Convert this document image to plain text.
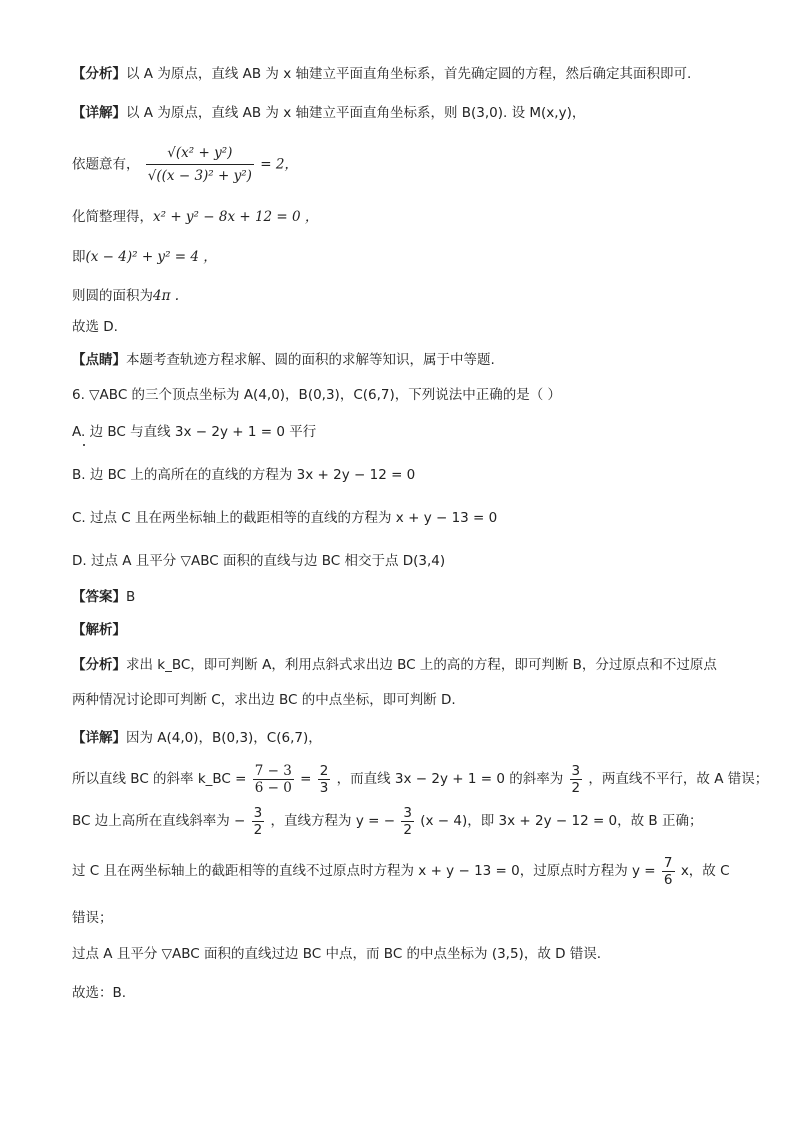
【分析】以 A 为原点，直线 AB 为 x 轴建立平面直角坐标系，首先确定圆的方程，然后确定其面积即可.
【详解】以 A 为原点，直线 AB 为 x 轴建立平面直角坐标系，则 B(3,0). 设 M(x,y)，
依题意有， $\frac{\text{√(x² + y²)}}{\text{√((x − 3)² + y²)}} = 2$，
化简整理得，x² + y² − 8x + 12 = 0 ，
即(x − 4)² + y² = 4 ，
则圆的面积为4π .
故选 D.
【点睛】本题考查轨迹方程求解、圆的面积的求解等知识，属于中等题.
6. ▽ABC 的三个顶点坐标为 A(4,0)，B(0,3)，C(6,7)，下列说法中正确的是（ ）
A. 边 BC 与直线 3x − 2y + 1 = 0 平行
B. 边 BC 上的高所在的直线的方程为 3x + 2y − 12 = 0
C. 过点 C 且在两坐标轴上的截距相等的直线的方程为 x + y − 13 = 0
D. 过点 A 且平分 ▽ABC 面积的直线与边 BC 相交于点 D(3,4)
【答案】B
【解析】
【分析】求出 k_BC，即可判断 A，利用点斜式求出边 BC 上的高的方程，即可判断 B，分过原点和不过原点
两种情况讨论即可判断 C，求出边 BC 的中点坐标，即可判断 D.
【详解】因为 A(4,0)，B(0,3)，C(6,7)，
所以直线 BC 的斜率 k_BC = $\frac{7 - 3}{6 - 0} = \frac{2}{3}$ ，而直线 3x − 2y + 1 = 0 的斜率为 $\frac{3}{2}$ ，两直线不平行，故 A 错误；
BC 边上高所在直线斜率为 − $\frac{3}{2}$ ，直线方程为 y = − $\frac{3}{2} (x - 4)$，即 3x + 2y − 12 = 0，故 B 正确；
过 C 且在两坐标轴上的截距相等的直线不过原点时方程为 x + y − 13 = 0，过原点时方程为 $y = \frac{7}{6}$ x，故 C
错误；
过点 A 且平分 ▽ABC 面积的直线过边 BC 中点，而 BC 的中点坐标为 (3,5)，故 D 错误.
故选：B.
